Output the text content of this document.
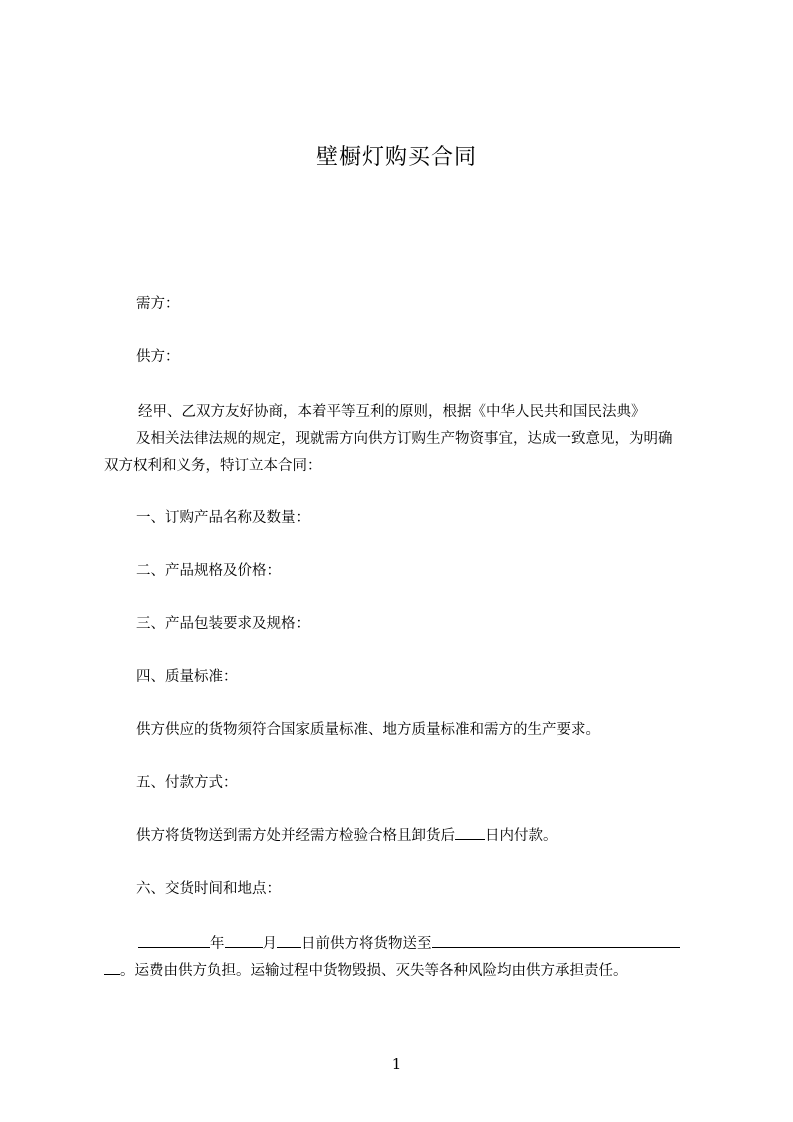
壁橱灯购买合同
需方：
供方：
经甲、乙双方友好协商，本着平等互利的原则，根据《中华人民共和国民法典》
及相关法律法规的规定，现就需方向供方订购生产物资事宜，达成一致意见，为明确
双方权利和义务，特订立本合同：
一、订购产品名称及数量：
二、产品规格及价格：
三、产品包装要求及规格：
四、质量标准：
供方供应的货物须符合国家质量标准、地方质量标准和需方的生产要求。
五、付款方式：
供方将货物送到需方处并经需方检验合格且卸货后 日内付款。
六、交货时间和地点：
年	月 日前供方将货物送至
。运费由供方负担。运输过程中货物毁损、灭失等各种风险均由供方承担责任。
1
